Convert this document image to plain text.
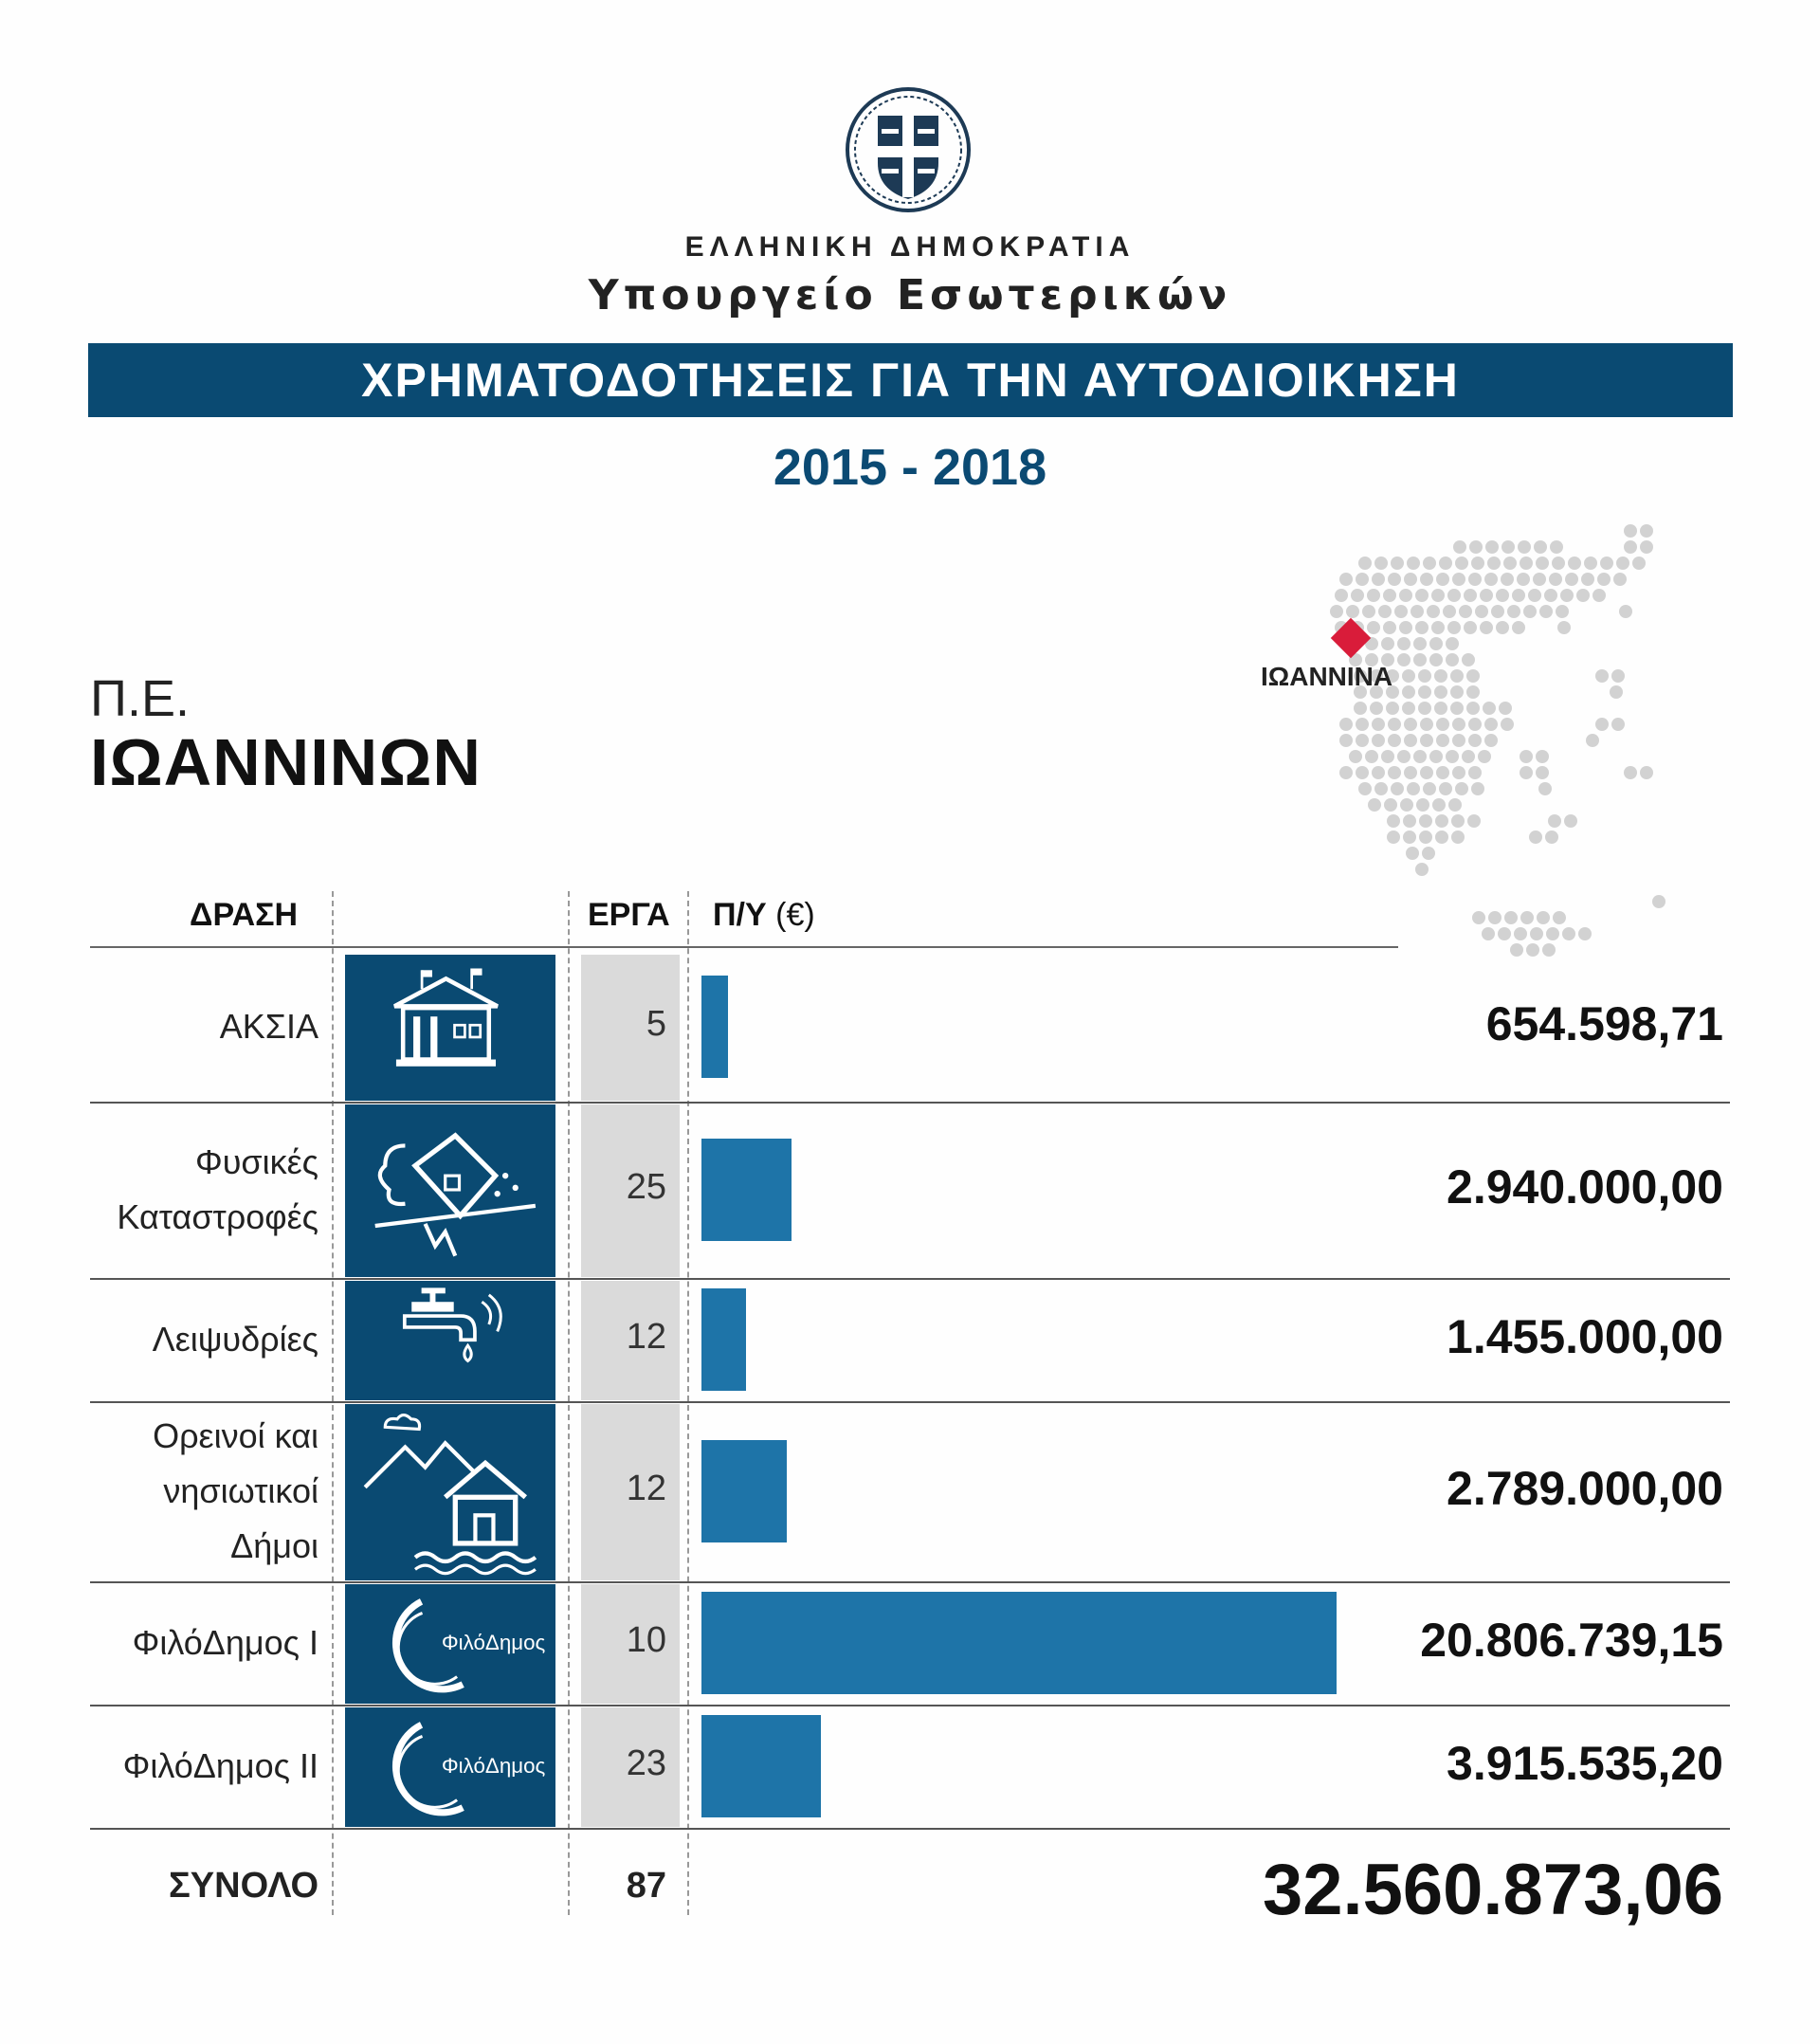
ΕΛΛΗΝΙΚΗ ΔΗΜΟΚΡΑΤΙΑ
Υπουργείο Εσωτερικών
ΧΡΗΜΑΤΟΔΟΤΗΣΕΙΣ ΓΙΑ ΤΗΝ ΑΥΤΟΔΙΟΙΚΗΣΗ
2015 - 2018
Π.Ε.
ΙΩΑΝΝΙΝΩΝ
ΙΩΑΝΝΙΝΑ
ΔΡΑΣΗ	ΕΡΓΑ Π/Υ (€)
ΑΚΣΙΑ	5	654.598,71
Φυσικές
Καταστροφές
25	2.940.000,00
Λειψυδρίες	12	1.455.000,00
Ορεινοί και
νησιωτικοί
Δήμοι
12	2.789.000,00
ΦιλόΔημος Ι	ΦιλόΔημος	10	20.806.739,15
ΦιλόΔημος ΙΙ	ΦιλόΔημος	23	3.915.535,20
ΣΥΝΟΛΟ	87	32.560.873,06
